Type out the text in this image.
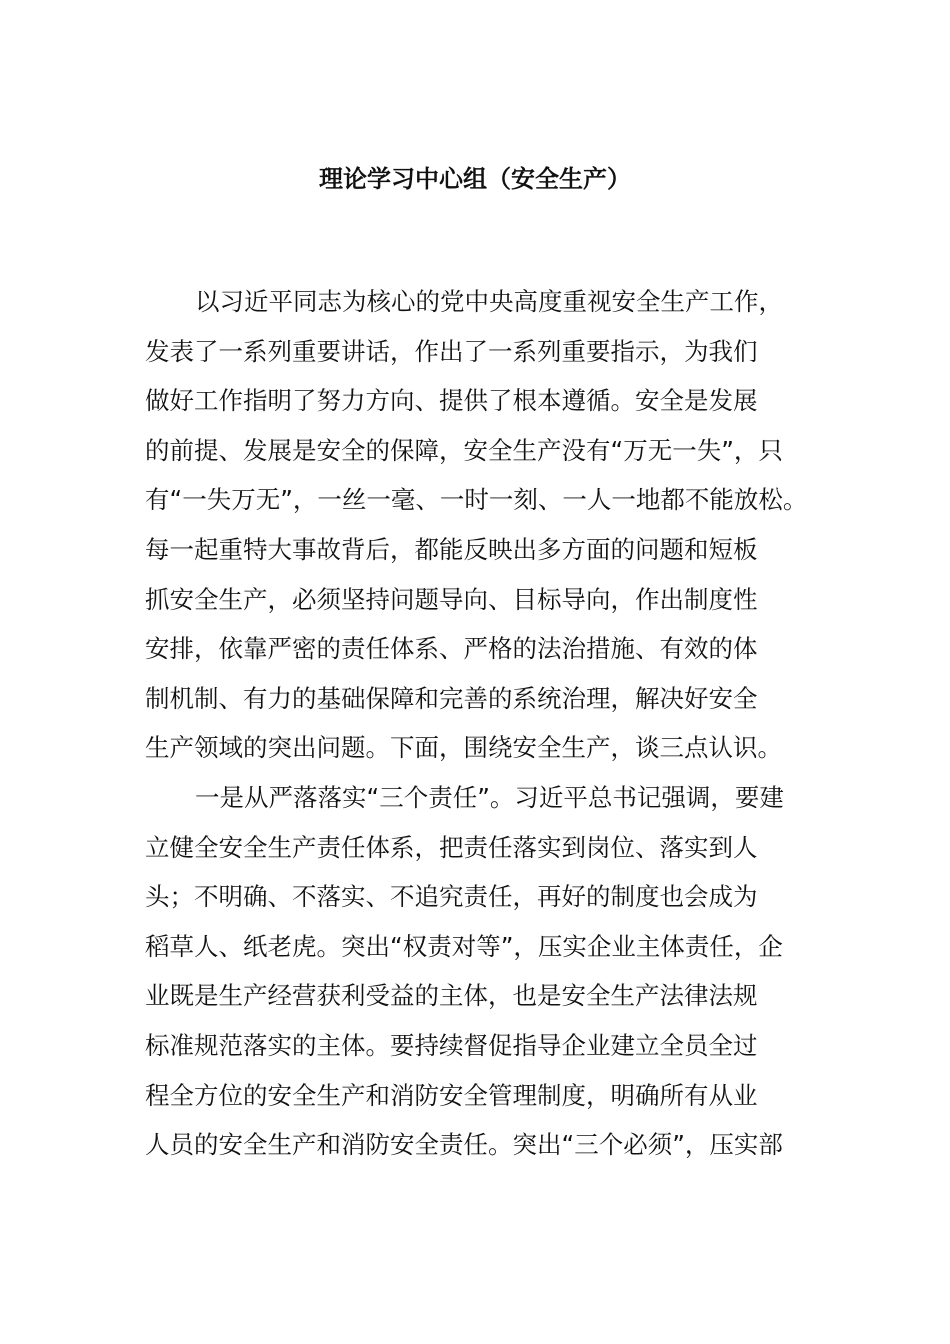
理论学习中心组（安全生产）
以习近平同志为核心的党中央高度重视安全生产工作，
发表了一系列重要讲话，作出了一系列重要指示，为我们
做好工作指明了努力方向、提供了根本遵循。安全是发展
的前提、发展是安全的保障，安全生产没有“万无一失”，只
有“一失万无”，一丝一毫、一时一刻、一人一地都不能放松。
每一起重特大事故背后，都能反映出多方面的问题和短板
抓安全生产，必须坚持问题导向、目标导向，作出制度性
安排，依靠严密的责任体系、严格的法治措施、有效的体
制机制、有力的基础保障和完善的系统治理，解决好安全
生产领域的突出问题。下面，围绕安全生产，谈三点认识。
一是从严落落实“三个责任”。习近平总书记强调，要建
立健全安全生产责任体系，把责任落实到岗位、落实到人
头；不明确、不落实、不追究责任，再好的制度也会成为
稻草人、纸老虎。突出“权责对等”，压实企业主体责任，企
业既是生产经营获利受益的主体，也是安全生产法律法规
标准规范落实的主体。要持续督促指导企业建立全员全过
程全方位的安全生产和消防安全管理制度，明确所有从业
人员的安全生产和消防安全责任。突出“三个必须”，压实部
